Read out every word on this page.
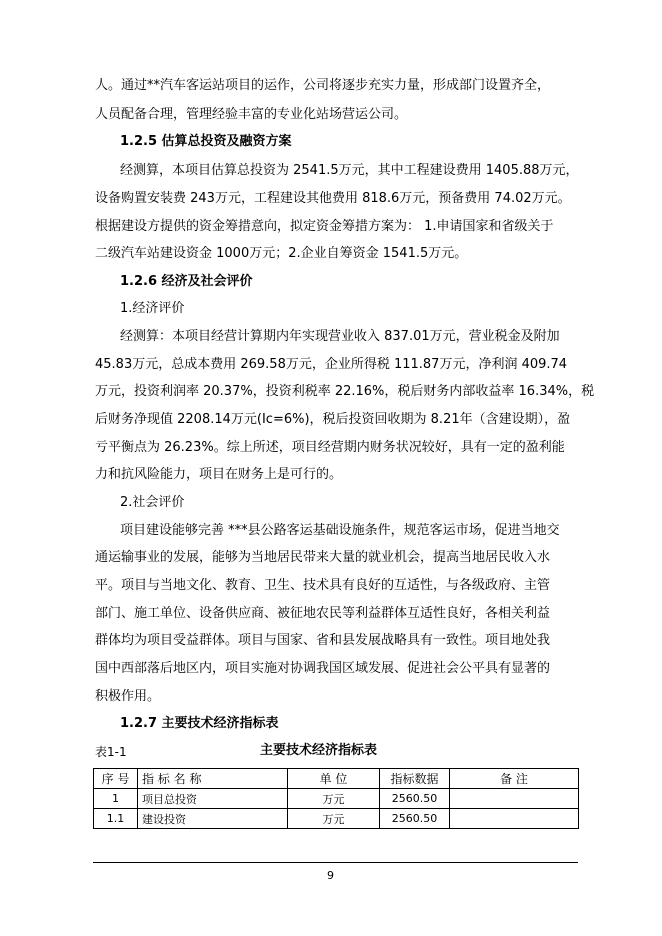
人。通过**汽车客运站项目的运作，公司将逐步充实力量，形成部门设置齐全，
人员配备合理，管理经验丰富的专业化站场营运公司。
1.2.5 估算总投资及融资方案
经测算，本项目估算总投资为 2541.5万元，其中工程建设费用 1405.88万元，
设备购置安装费 243万元，工程建设其他费用 818.6万元，预备费用 74.02万元。
根据建设方提供的资金筹措意向，拟定资金筹措方案为： 1.申请国家和省级关于
二级汽车站建设资金 1000万元；2.企业自筹资金 1541.5万元。
1.2.6 经济及社会评价
1.经济评价
经测算：本项目经营计算期内年实现营业收入 837.01万元，营业税金及附加
45.83万元，总成本费用 269.58万元，企业所得税 111.87万元，净利润 409.74
万元，投资利润率 20.37%，投资利税率 22.16%，税后财务内部收益率 16.34%，税
后财务净现值 2208.14万元(Ic=6%)，税后投资回收期为 8.21年（含建设期），盈
亏平衡点为 26.23%。综上所述，项目经营期内财务状况较好，具有一定的盈利能
力和抗风险能力，项目在财务上是可行的。
2.社会评价
项目建设能够完善 ***县公路客运基础设施条件，规范客运市场，促进当地交
通运输事业的发展，能够为当地居民带来大量的就业机会，提高当地居民收入水
平。项目与当地文化、教育、卫生、技术具有良好的互适性，与各级政府、主管
部门、施工单位、设备供应商、被征地农民等利益群体互适性良好，各相关利益
群体均为项目受益群体。项目与国家、省和县发展战略具有一致性。项目地处我
国中西部落后地区内，项目实施对协调我国区域发展、促进社会公平具有显著的
积极作用。
1.2.7 主要技术经济指标表
表1-1	主要技术经济指标表
序 号	指 标 名 称	单 位	指标数据	备 注
1	项目总投资	万元	2560.50	
1.1	建设投资	万元	2560.50	
9
